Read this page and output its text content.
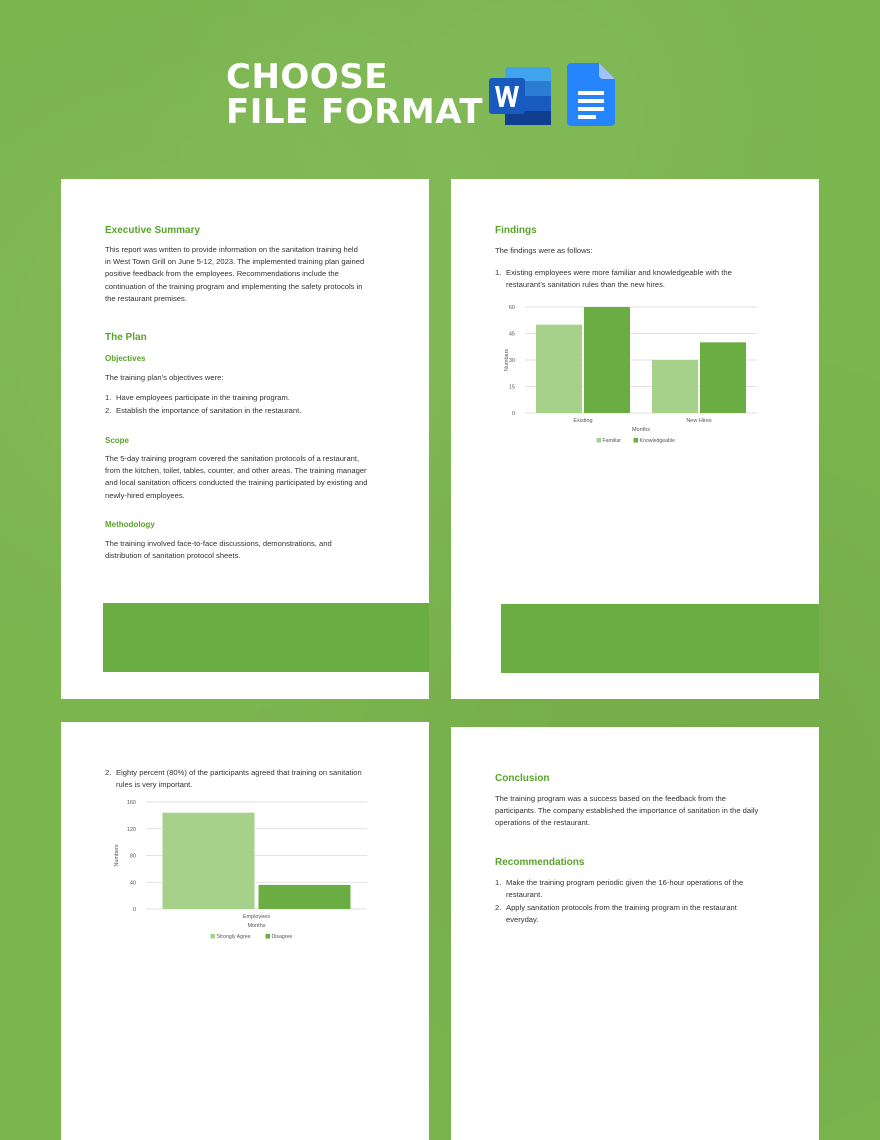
CHOOSE
FILE FORMAT
Executive Summary
This report was written to provide information on the sanitation training held
in West Town Grill on June 5-12, 2023. The implemented training plan gained
positive feedback from the employees. Recommendations include the
continuation of the training program and implementing the safety protocols in
the restaurant premises.
The Plan
Objectives
The training plan’s objectives were:
1. Have employees participate in the training program.
2. Establish the importance of sanitation in the restaurant.
Scope
The 5-day training program covered the sanitation protocols of a restaurant,
from the kitchen, toilet, tables, counter, and other areas. The training manager
and local sanitation officers conducted the training participated by existing and
newly-hired employees.
Methodology
The training involved face-to-face discussions, demonstrations, and
distribution of sanitation protocol sheets.
Findings
The findings were as follows:
1. Existing employees were more familiar and knowledgeable with the
restaurant’s sanitation rules than the new hires.
0
15
30
45
60
Numbers
Existing	New Hires
Months
Familiar	Knowledgeable
2. Eighty percent (80%) of the participants agreed that training on sanitation
rules is very important.
0
40
80
120
160
Numbers
Employees
Months
Strongly Agree	Disagree
Conclusion
The training program was a success based on the feedback from the
participants. The company established the importance of sanitation in the daily
operations of the restaurant.
Recommendations
1. Make the training program periodic given the 16-hour operations of the
restaurant.
2. Apply sanitation protocols from the training program in the restaurant
everyday.
